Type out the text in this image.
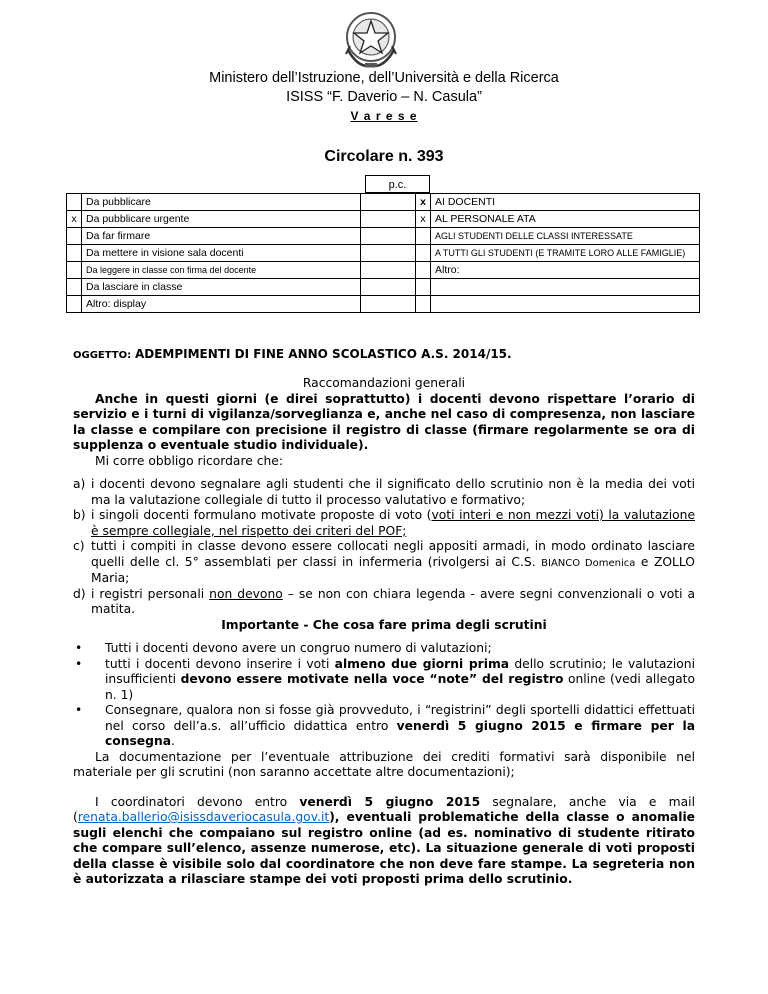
Ministero dell’Istruzione, dell’Università e della Ricerca
ISISS “F. Daverio – N. Casula”
V a r e s e
Circolare n. 393
p.c.
	Da pubblicare		x	AI DOCENTI
x	Da pubblicare urgente		x	AL PERSONALE ATA
	Da far firmare			AGLI STUDENTI DELLE CLASSI INTERESSATE
	Da mettere in visione sala docenti			A TUTTI GLI STUDENTI (E TRAMITE LORO ALLE FAMIGLIE)
	Da leggere in classe con firma del docente			Altro:
	Da lasciare in classe			
	Altro: display			
OGGETTO: ADEMPIMENTI DI FINE ANNO SCOLASTICO A.S. 2014/15.
Raccomandazioni generali
Anche in questi giorni (e direi soprattutto) i docenti devono rispettare l’orario di servizio e i turni di vigilanza/sorveglianza e, anche nel caso di compresenza, non lasciare la classe e compilare con precisione il registro di classe (firmare regolarmente se ora di supplenza o eventuale studio individuale).
Mi corre obbligo ricordare che:
a) i docenti devono segnalare agli studenti che il significato dello scrutinio non è la media dei voti ma la valutazione collegiale di tutto il processo valutativo e formativo;
b) i singoli docenti formulano motivate proposte di voto (voti interi e non mezzi voti) la valutazione è sempre collegiale, nel rispetto dei criteri del POF;
c) tutti i compiti in classe devono essere collocati negli appositi armadi, in modo ordinato lasciare quelli delle cl. 5° assemblati per classi in infermeria (rivolgersi ai C.S. BIANCO Domenica e ZOLLO Maria;
d) i registri personali non devono – se non con chiara legenda - avere segni convenzionali o voti a matita.
Importante - Che cosa fare prima degli scrutini
•	Tutti i docenti devono avere un congruo numero di valutazioni;
•	tutti i docenti devono inserire i voti almeno due giorni prima dello scrutinio; le valutazioni insufficienti devono essere motivate nella voce “note” del registro online (vedi allegato n. 1)
•	Consegnare, qualora non si fosse già provveduto, i “registrini” degli sportelli didattici effettuati nel corso dell’a.s. all’ufficio didattica entro venerdì 5 giugno 2015 e firmare per la consegna.
La documentazione per l’eventuale attribuzione dei crediti formativi sarà disponibile nel materiale per gli scrutini (non saranno accettate altre documentazioni);
I coordinatori devono entro venerdì 5 giugno 2015 segnalare, anche via e mail (renata.ballerio@isissdaveriocasula.gov.it), eventuali problematiche della classe o anomalie sugli elenchi che compaiano sul registro online (ad es. nominativo di studente ritirato che compare sull’elenco, assenze numerose, etc). La situazione generale di voti proposti della classe è visibile solo dal coordinatore che non deve fare stampe. La segreteria non è autorizzata a rilasciare stampe dei voti proposti prima dello scrutinio.
